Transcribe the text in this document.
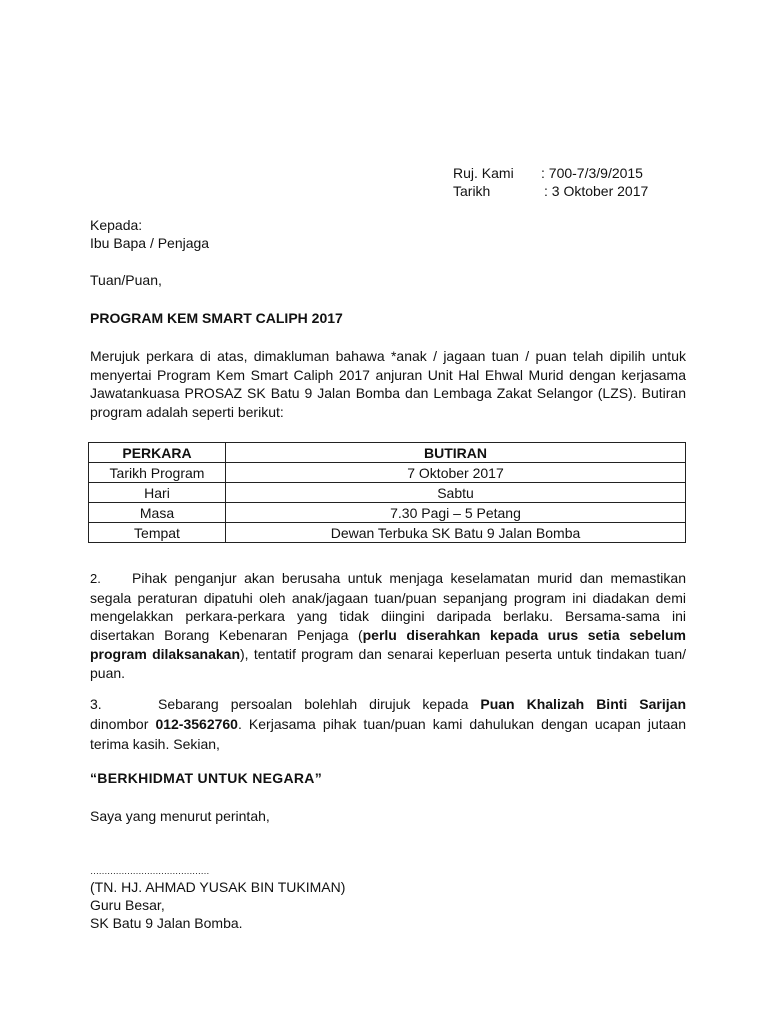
Ruj. Kami : 700-7/3/9/2015
Tarikh	: 3 Oktober 2017
Kepada:
Ibu Bapa / Penjaga
Tuan/Puan,
PROGRAM KEM SMART CALIPH 2017
Merujuk perkara di atas, dimakluman bahawa *anak / jagaan tuan / puan telah dipilih untuk
menyertai Program Kem Smart Caliph 2017 anjuran Unit Hal Ehwal Murid dengan kerjasama
Jawatankuasa PROSAZ SK Batu 9 Jalan Bomba dan Lembaga Zakat Selangor (LZS). Butiran
program adalah seperti berikut:
PERKARA	BUTIRAN
Tarikh Program	7 Oktober 2017
Hari	Sabtu
Masa	7.30 Pagi – 5 Petang
Tempat	Dewan Terbuka SK Batu 9 Jalan Bomba
2. Pihak penganjur akan berusaha untuk menjaga keselamatan murid dan memastikan
segala peraturan dipatuhi oleh anak/jagaan tuan/puan sepanjang program ini diadakan demi
mengelakkan perkara-perkara yang tidak diingini daripada berlaku. Bersama-sama ini
disertakan Borang Kebenaran Penjaga (perlu diserahkan kepada urus setia sebelum
program dilaksanakan), tentatif program dan senarai keperluan peserta untuk tindakan tuan/
puan.
3.	Sebarang persoalan bolehlah dirujuk kepada Puan Khalizah Binti Sarijan
dinombor 012-3562760. Kerjasama pihak tuan/puan kami dahulukan dengan ucapan jutaan
terima kasih. Sekian,
“BERKHIDMAT UNTUK NEGARA”
Saya yang menurut perintah,
……………………………………
(TN. HJ. AHMAD YUSAK BIN TUKIMAN)
Guru Besar,
SK Batu 9 Jalan Bomba.
